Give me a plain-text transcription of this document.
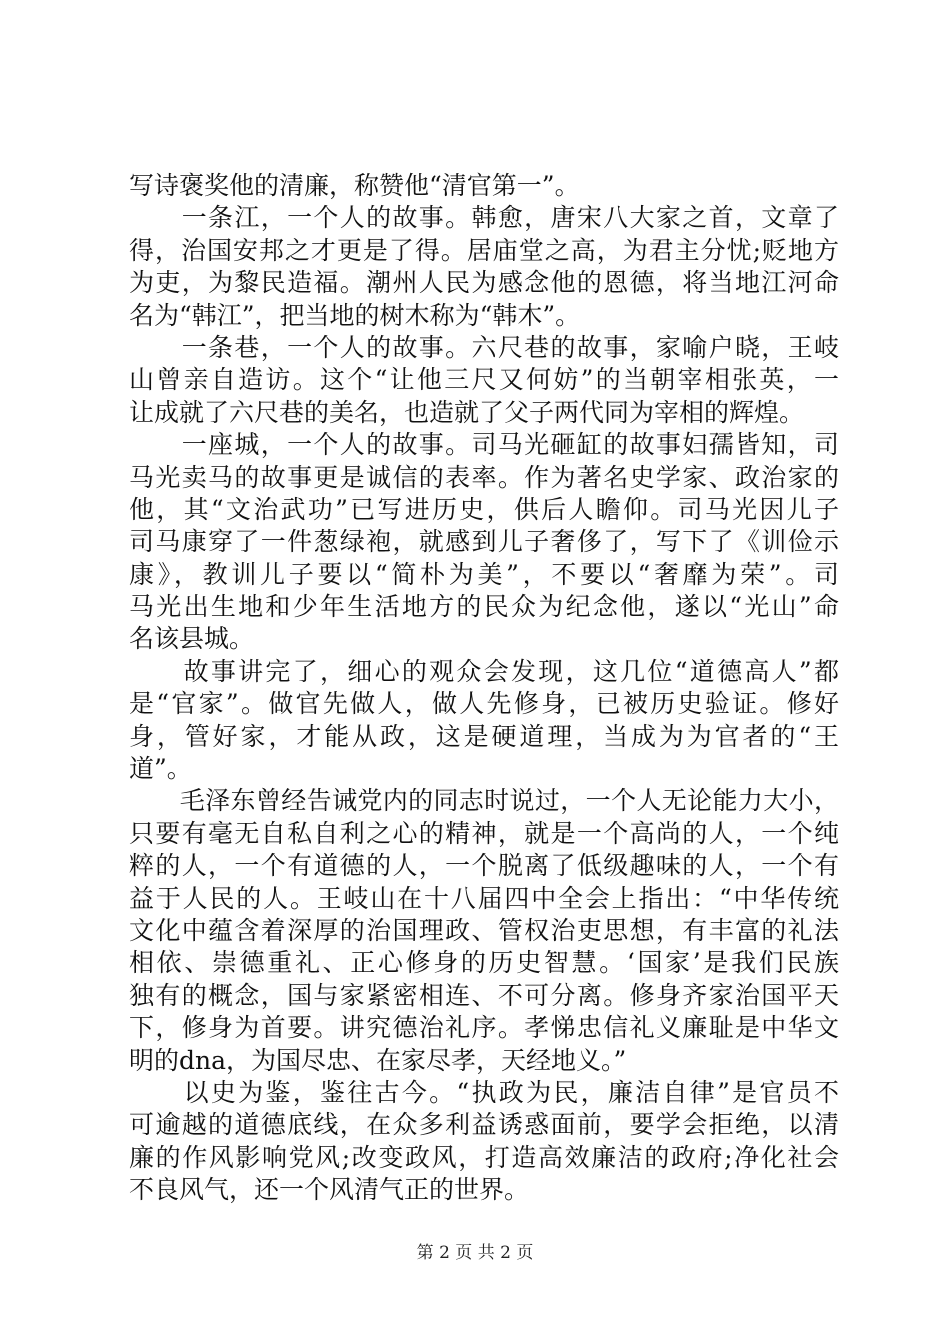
写诗褒奖他的清廉，称赞他“清官第一”。
　　一条江，一个人的故事。韩愈，唐宋八大家之首，文章了
得，治国安邦之才更是了得。居庙堂之高，为君主分忧;贬地方
为吏，为黎民造福。潮州人民为感念他的恩德，将当地江河命
名为“韩江”，把当地的树木称为“韩木”。
　　一条巷，一个人的故事。六尺巷的故事，家喻户晓，王岐
山曾亲自造访。这个“让他三尺又何妨”的当朝宰相张英，一
让成就了六尺巷的美名，也造就了父子两代同为宰相的辉煌。
　　一座城，一个人的故事。司马光砸缸的故事妇孺皆知，司
马光卖马的故事更是诚信的表率。作为著名史学家、政治家的
他，其“文治武功”已写进历史，供后人瞻仰。司马光因儿子
司马康穿了一件葱绿袍，就感到儿子奢侈了，写下了《训俭示
康》，教训儿子要以“简朴为美”，不要以“奢靡为荣”。司
马光出生地和少年生活地方的民众为纪念他，遂以“光山”命
名该县城。
　　故事讲完了，细心的观众会发现，这几位“道德高人”都
是“官家”。做官先做人，做人先修身，已被历史验证。修好
身，管好家，才能从政，这是硬道理，当成为为官者的“王
道”。
　　毛泽东曾经告诫党内的同志时说过，一个人无论能力大小，
只要有毫无自私自利之心的精神，就是一个高尚的人，一个纯
粹的人，一个有道德的人，一个脱离了低级趣味的人，一个有
益于人民的人。王岐山在十八届四中全会上指出：“中华传统
文化中蕴含着深厚的治国理政、管权治吏思想，有丰富的礼法
相依、崇德重礼、正心修身的历史智慧。‘国家’是我们民族
独有的概念，国与家紧密相连、不可分离。修身齐家治国平天
下，修身为首要。讲究德治礼序。孝悌忠信礼义廉耻是中华文
明的dna，为国尽忠、在家尽孝，天经地义。”
　　以史为鉴，鉴往古今。“执政为民，廉洁自律”是官员不
可逾越的道德底线，在众多利益诱惑面前，要学会拒绝，以清
廉的作风影响党风;改变政风，打造高效廉洁的政府;净化社会
不良风气，还一个风清气正的世界。
第 2 页 共 2 页
